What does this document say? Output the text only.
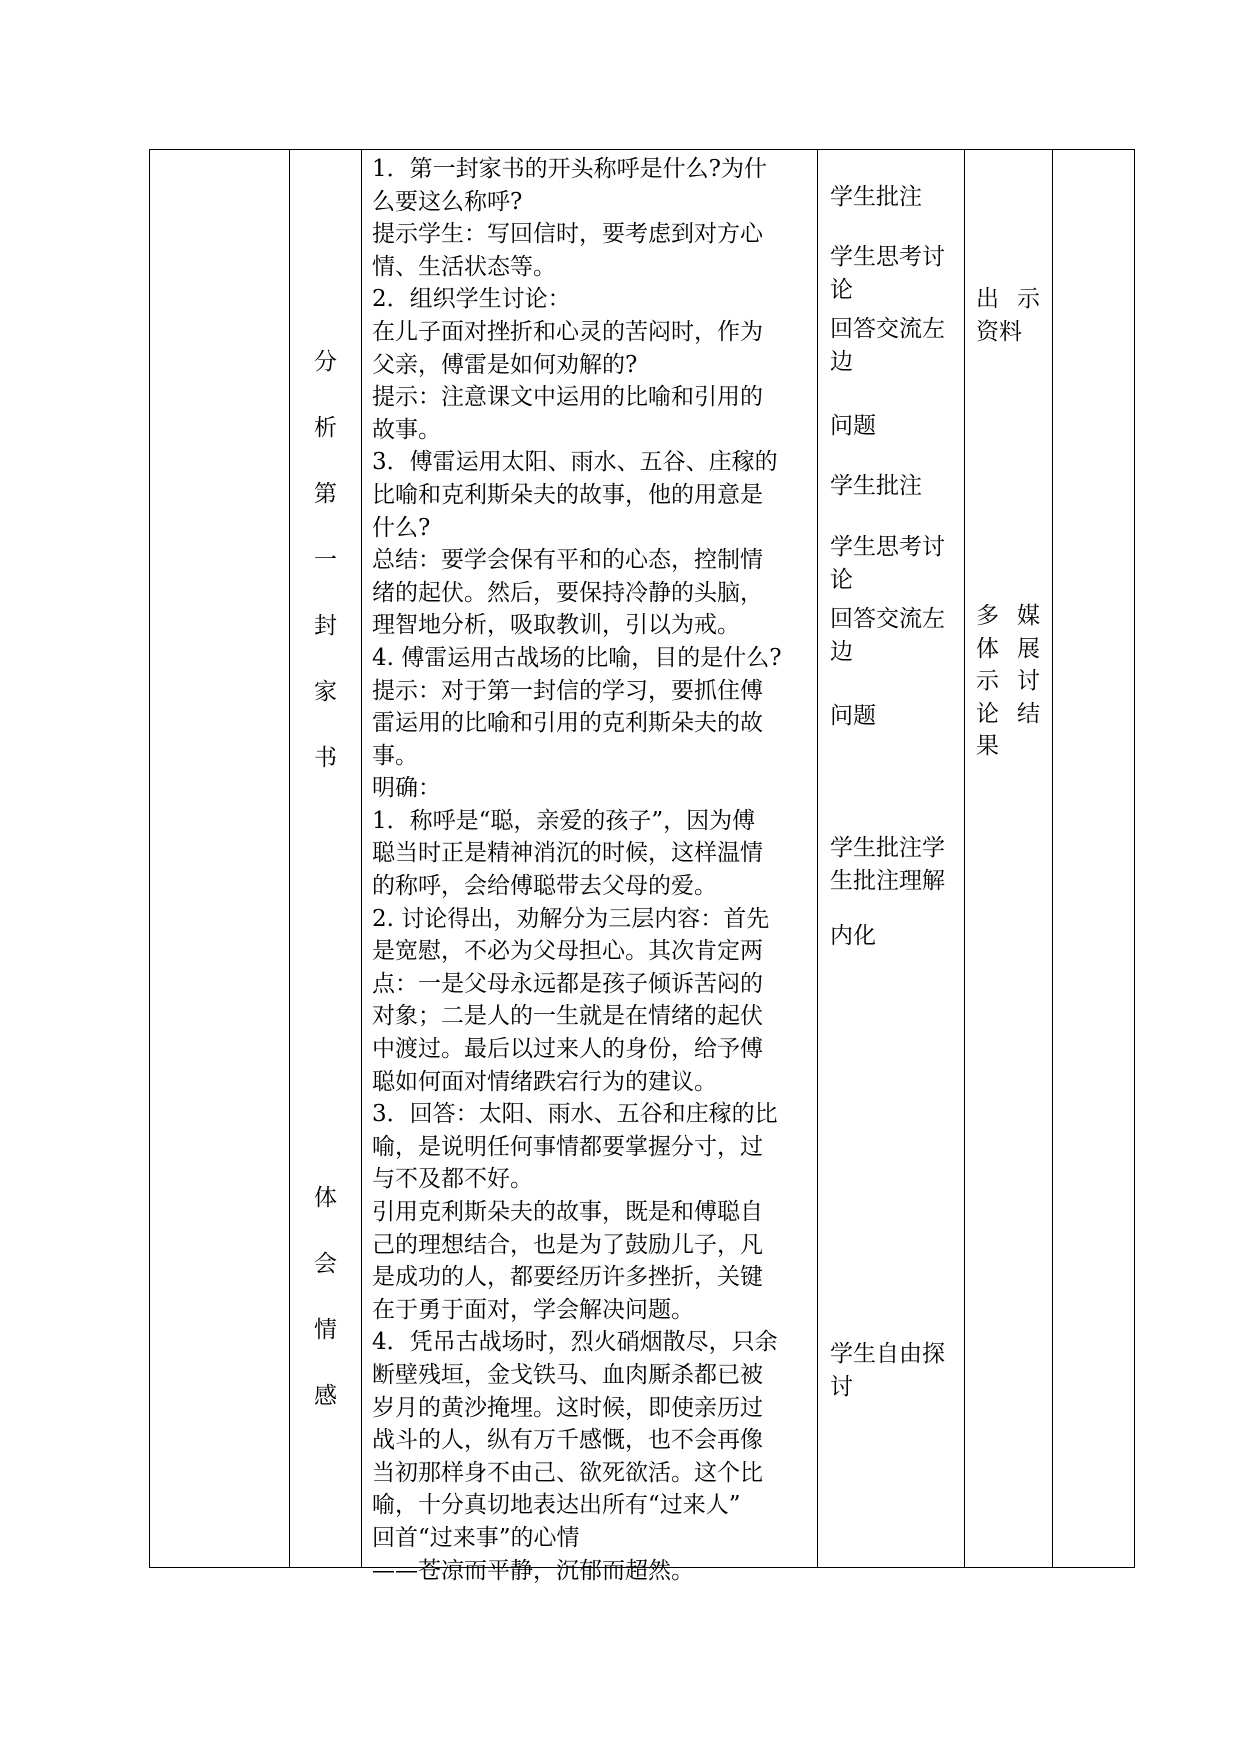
分
析
第
一
封
家
书
体
会
情
感
1．第一封家书的开头称呼是什么?为什
么要这么称呼?
提示学生：写回信时，要考虑到对方心
情、生活状态等。
2．组织学生讨论：
在儿子面对挫折和心灵的苦闷时，作为
父亲，傅雷是如何劝解的?
提示：注意课文中运用的比喻和引用的
故事。
3．傅雷运用太阳、雨水、五谷、庄稼的
比喻和克利斯朵夫的故事，他的用意是
什么?
总结：要学会保有平和的心态，控制情
绪的起伏。然后，要保持冷静的头脑，
理智地分析，吸取教训，引以为戒。
4. 傅雷运用古战场的比喻，目的是什么?
提示：对于第一封信的学习，要抓住傅
雷运用的比喻和引用的克利斯朵夫的故
事。
明确：
1．称呼是“聪，亲爱的孩子”，因为傅
聪当时正是精神消沉的时候，这样温情
的称呼，会给傅聪带去父母的爱。
2. 讨论得出，劝解分为三层内容：首先
是宽慰，不必为父母担心。其次肯定两
点：一是父母永远都是孩子倾诉苦闷的
对象；二是人的一生就是在情绪的起伏
中渡过。最后以过来人的身份，给予傅
聪如何面对情绪跌宕行为的建议。
3．回答：太阳、雨水、五谷和庄稼的比
喻，是说明任何事情都要掌握分寸，过
与不及都不好。
引用克利斯朵夫的故事，既是和傅聪自
己的理想结合，也是为了鼓励儿子，凡
是成功的人，都要经历许多挫折，关键
在于勇于面对，学会解决问题。
4．凭吊古战场时，烈火硝烟散尽，只余
断壁残垣，金戈铁马、血肉厮杀都已被
岁月的黄沙掩埋。这时候，即使亲历过
战斗的人，纵有万千感慨，也不会再像
当初那样身不由己、欲死欲活。这个比
喻，十分真切地表达出所有“过来人”
回首“过来事”的心情
——苍凉而平静，沉郁而超然。
学生批注
学生思考讨
论
回答交流左
边
问题
学生批注
学生思考讨
论
回答交流左
边
问题
学生批注学
生批注理解
内化
学生自由探
讨
出 示
资料
多 媒
体 展
示 讨
论 结
果
